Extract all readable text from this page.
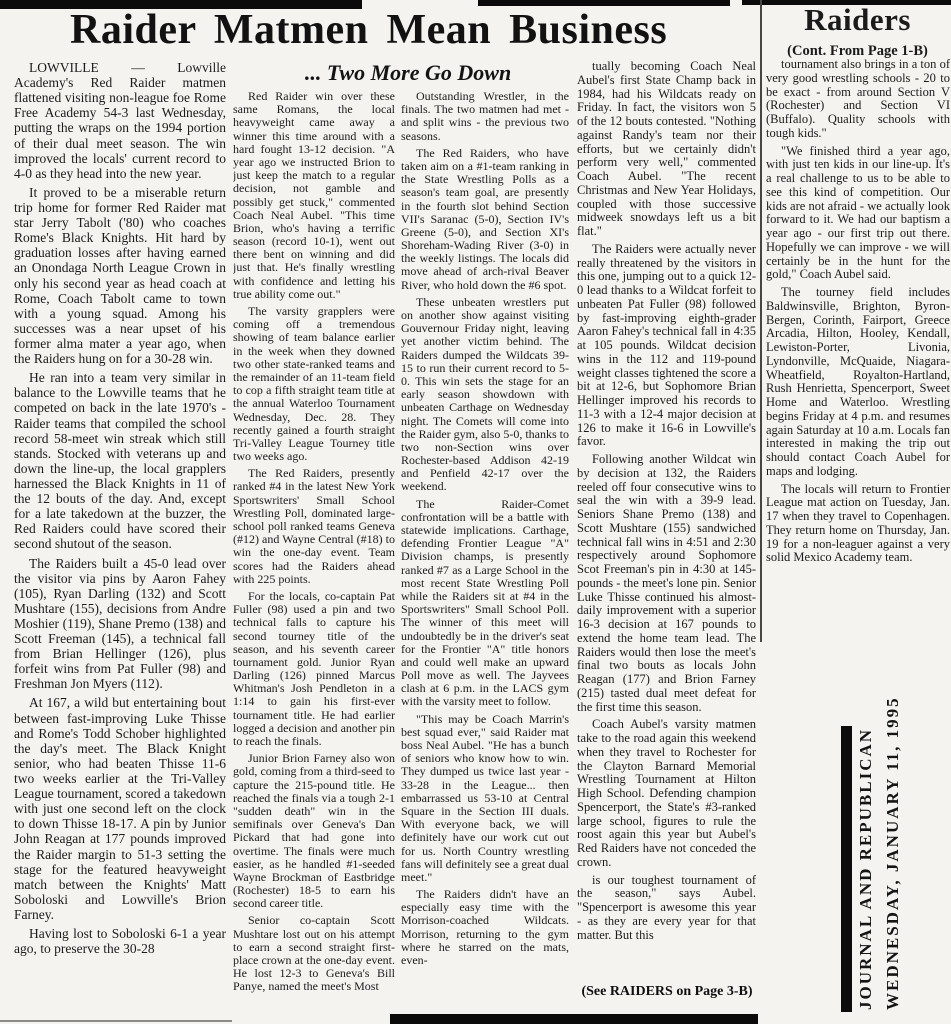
Raider Matmen Mean Business	Raiders
(Cont. From Page 1-B)
... Two More Go Down

LOWVILLE — Lowville Academy's Red Raider matmen flattened visiting non-league foe Rome Free Academy 54-3 last Wednesday, putting the wraps on the 1994 portion of their dual meet season. The win improved the locals' current record to 4-0 as they head into the new year.

It proved to be a miserable return trip home for former Red Raider mat star Jerry Tabolt ('80) who coaches Rome's Black Knights. Hit hard by graduation losses after having earned an Onondaga North League Crown in only his second year as head coach at Rome, Coach Tabolt came to town with a young squad. Among his successes was a near upset of his former alma mater a year ago, when the Raiders hung on for a 30-28 win.

He ran into a team very similar in balance to the Lowville teams that he competed on back in the late 1970's - Raider teams that compiled the school record 58-meet win streak which still stands. Stocked with veterans up and down the line-up, the local grapplers harnessed the Black Knights in 11 of the 12 bouts of the day. And, except for a late takedown at the buzzer, the Red Raiders could have scored their second shutout of the season.

The Raiders built a 45-0 lead over the visitor via pins by Aaron Fahey (105), Ryan Darling (132) and Scott Mushtare (155), decisions from Andre Moshier (119), Shane Premo (138) and Scott Freeman (145), a technical fall from Brian Hellinger (126), plus forfeit wins from Pat Fuller (98) and Freshman Jon Myers (112).

At 167, a wild but entertaining bout between fast-improving Luke Thisse and Rome's Todd Schober highlighted the day's meet. The Black Knight senior, who had beaten Thisse 11-6 two weeks earlier at the Tri-Valley League tournament, scored a takedown with just one second left on the clock to down Thisse 18-17. A pin by Junior John Reagan at 177 pounds improved the Raider margin to 51-3 setting the stage for the featured heavyweight match between the Knights' Matt Soboloski and Lowville's Brion Farney.

Having lost to Soboloski 6-1 a year ago, to preserve the 30-28

Red Raider win over these same Romans, the local heavyweight came away a winner this time around with a hard fought 13-12 decision. "A year ago we instructed Brion to just keep the match to a regular decision, not gamble and possibly get stuck," commented Coach Neal Aubel. "This time Brion, who's having a terrific season (record 10-1), went out there bent on winning and did just that. He's finally wrestling with confidence and letting his true ability come out."

The varsity grapplers were coming off a tremendous showing of team balance earlier in the week when they downed two other state-ranked teams and the remainder of an 11-team field to cop a fifth straight team title at the annual Waterloo Tournament Wednesday, Dec. 28. They recently gained a fourth straight Tri-Valley League Tourney title two weeks ago.

The Red Raiders, presently ranked #4 in the latest New York Sportswriters' Small School Wrestling Poll, dominated large-school poll ranked teams Geneva (#12) and Wayne Central (#18) to win the one-day event. Team scores had the Raiders ahead with 225 points.

For the locals, co-captain Pat Fuller (98) used a pin and two technical falls to capture his second tourney title of the season, and his seventh career tournament gold. Junior Ryan Darling (126) pinned Marcus Whitman's Josh Pendleton in a 1:14 to gain his first-ever tournament title. He had earlier logged a decision and another pin to reach the finals.

Junior Brion Farney also won gold, coming from a third-seed to capture the 215-pound title. He reached the finals via a tough 2-1 "sudden death" win in the semifinals over Geneva's Dan Pickard that had gone into overtime. The finals were much easier, as he handled #1-seeded Wayne Brockman of Eastbridge (Rochester) 18-5 to earn his second career title.

Senior co-captain Scott Mushtare lost out on his attempt to earn a second straight first-place crown at the one-day event. He lost 12-3 to Geneva's Bill Panye, named the meet's Most

Outstanding Wrestler, in the finals. The two matmen had met - and split wins - the previous two seasons.

The Red Raiders, who have taken aim on a #1-team ranking in the State Wrestling Polls as a season's team goal, are presently in the fourth slot behind Section VII's Saranac (5-0), Section IV's Greene (5-0), and Section XI's Shoreham-Wading River (3-0) in the weekly listings. The locals did move ahead of arch-rival Beaver River, who hold down the #6 spot.

These unbeaten wrestlers put on another show against visiting Gouvernour Friday night, leaving yet another victim behind. The Raiders dumped the Wildcats 39-15 to run their current record to 5-0. This win sets the stage for an early season showdown with unbeaten Carthage on Wednesday night. The Comets will come into the Raider gym, also 5-0, thanks to two non-Section wins over Rochester-based Addison 42-19 and Penfield 42-17 over the weekend.

The Raider-Comet confrontation will be a battle with statewide implications. Carthage, defending Frontier League "A" Division champs, is presently ranked #7 as a Large School in the most recent State Wrestling Poll while the Raiders sit at #4 in the Sportswriters" Small School Poll. The winner of this meet will undoubtedly be in the driver's seat for the Frontier "A" title honors and could well make an upward Poll move as well. The Jayvees clash at 6 p.m. in the LACS gym with the varsity meet to follow.

"This may be Coach Marrin's best squad ever," said Raider mat boss Neal Aubel. "He has a bunch of seniors who know how to win. They dumped us twice last year - 33-28 in the League... then embarrassed us 53-10 at Central Square in the Section III duals. With everyone back, we will definitely have our work cut out for us. North Country wrestling fans will definitely see a great dual meet."

The Raiders didn't have an especially easy time with the Morrison-coached Wildcats. Morrison, returning to the gym where he starred on the mats, even-

tually becoming Coach Neal Aubel's first State Champ back in 1984, had his Wildcats ready on Friday. In fact, the visitors won 5 of the 12 bouts contested. "Nothing against Randy's team nor their efforts, but we certainly didn't perform very well," commented Coach Aubel. "The recent Christmas and New Year Holidays, coupled with those successive midweek snowdays left us a bit flat."

The Raiders were actually never really threatened by the visitors in this one, jumping out to a quick 12-0 lead thanks to a Wildcat forfeit to unbeaten Pat Fuller (98) followed by fast-improving eighth-grader Aaron Fahey's technical fall in 4:35 at 105 pounds. Wildcat decision wins in the 112 and 119-pound weight classes tightened the score a bit at 12-6, but Sophomore Brian Hellinger improved his records to 11-3 with a 12-4 major decision at 126 to make it 16-6 in Lowville's favor.

Following another Wildcat win by decision at 132, the Raiders reeled off four consecutive wins to seal the win with a 39-9 lead. Seniors Shane Premo (138) and Scott Mushtare (155) sandwiched technical fall wins in 4:51 and 2:30 respectively around Sophomore Scot Freeman's pin in 4:30 at 145-pounds - the meet's lone pin. Senior Luke Thisse continued his almost-daily improvement with a superior 16-3 decision at 167 pounds to extend the home team lead. The Raiders would then lose the meet's final two bouts as locals John Reagan (177) and Brion Farney (215) tasted dual meet defeat for the first time this season.

Coach Aubel's varsity matmen take to the road again this weekend when they travel to Rochester for the Clayton Barnard Memorial Wrestling Tournament at Hilton High School. Defending champion Spencerport, the State's #3-ranked large school, figures to rule the roost again this year but Aubel's Red Raiders have not conceded the crown.

is our toughest tournament of the season," says Aubel. "Spencerport is awesome this year - as they are every year for that matter. But this

(See RAIDERS on Page 3-B)

tournament also brings in a ton of very good wrestling schools - 20 to be exact - from around Section V (Rochester) and Section VI (Buffalo). Quality schools with tough kids."

"We finished third a year ago, with just ten kids in our line-up. It's a real challenge to us to be able to see this kind of competition. Our kids are not afraid - we actually look forward to it. We had our baptism a year ago - our first trip out there. Hopefully we can improve - we will certainly be in the hunt for the gold," Coach Aubel said.

The tourney field includes Baldwinsville, Brighton, Byron-Bergen, Corinth, Fairport, Greece Arcadia, Hilton, Hooley, Kendall, Lewiston-Porter, Livonia, Lyndonville, McQuaide, Niagara-Wheatfield, Royalton-Hartland, Rush Henrietta, Spencerport, Sweet Home and Waterloo. Wrestling begins Friday at 4 p.m. and resumes again Saturday at 10 a.m. Locals fan interested in making the trip out should contact Coach Aubel for maps and lodging.

The locals will return to Frontier League mat action on Tuesday, Jan. 17 when they travel to Copenhagen. They return home on Thursday, Jan. 19 for a non-leaguer against a very solid Mexico Academy team.

JOURNAL AND REPUBLICAN WEDNESDAY, JANUARY 11, 1995
